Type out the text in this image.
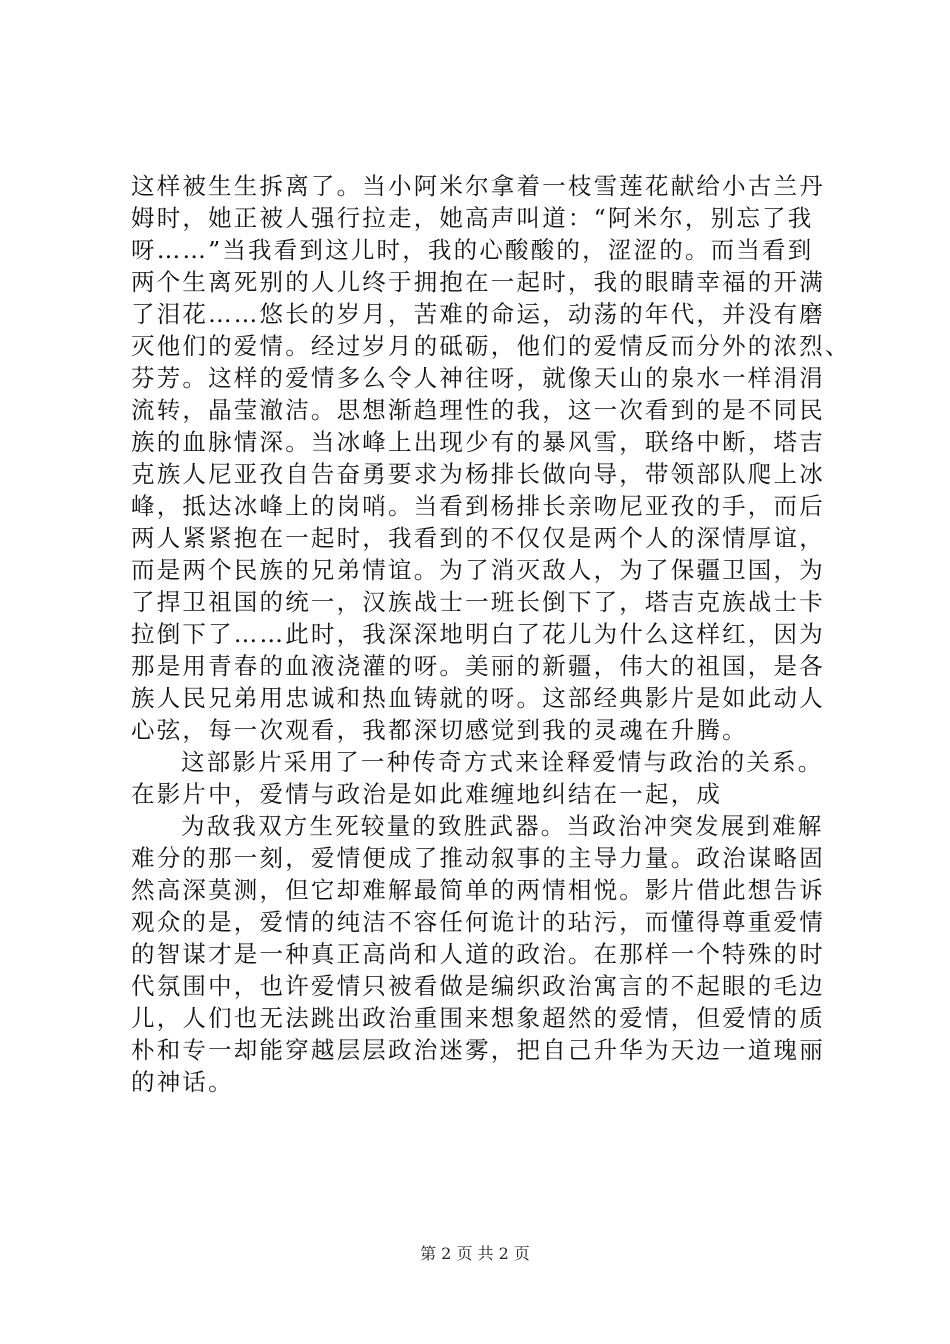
这样被生生拆离了。当小阿米尔拿着一枝雪莲花献给小古兰丹
姆时，她正被人强行拉走，她高声叫道：“阿米尔，别忘了我
呀……”当我看到这儿时，我的心酸酸的，涩涩的。而当看到
两个生离死别的人儿终于拥抱在一起时，我的眼睛幸福的开满
了泪花……悠长的岁月，苦难的命运，动荡的年代，并没有磨
灭他们的爱情。经过岁月的砥砺，他们的爱情反而分外的浓烈、
芬芳。这样的爱情多么令人神往呀，就像天山的泉水一样涓涓
流转，晶莹澈洁。思想渐趋理性的我，这一次看到的是不同民
族的血脉情深。当冰峰上出现少有的暴风雪，联络中断，塔吉
克族人尼亚孜自告奋勇要求为杨排长做向导，带领部队爬上冰
峰，抵达冰峰上的岗哨。当看到杨排长亲吻尼亚孜的手，而后
两人紧紧抱在一起时，我看到的不仅仅是两个人的深情厚谊，
而是两个民族的兄弟情谊。为了消灭敌人，为了保疆卫国，为
了捍卫祖国的统一，汉族战士一班长倒下了，塔吉克族战士卡
拉倒下了……此时，我深深地明白了花儿为什么这样红，因为
那是用青春的血液浇灌的呀。美丽的新疆，伟大的祖国，是各
族人民兄弟用忠诚和热血铸就的呀。这部经典影片是如此动人
心弦，每一次观看，我都深切感觉到我的灵魂在升腾。
这部影片采用了一种传奇方式来诠释爱情与政治的关系。
在影片中，爱情与政治是如此难缠地纠结在一起，成
为敌我双方生死较量的致胜武器。当政治冲突发展到难解
难分的那一刻，爱情便成了推动叙事的主导力量。政治谋略固
然高深莫测，但它却难解最简单的两情相悦。影片借此想告诉
观众的是，爱情的纯洁不容任何诡计的玷污，而懂得尊重爱情
的智谋才是一种真正高尚和人道的政治。在那样一个特殊的时
代氛围中，也许爱情只被看做是编织政治寓言的不起眼的毛边
儿，人们也无法跳出政治重围来想象超然的爱情，但爱情的质
朴和专一却能穿越层层政治迷雾，把自己升华为天边一道瑰丽
的神话。
第 2 页 共 2 页
